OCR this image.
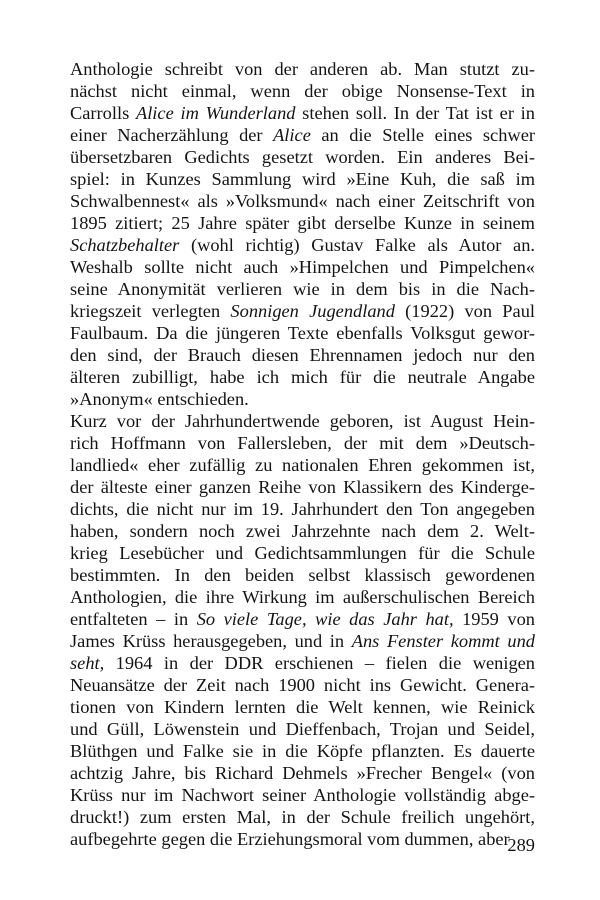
Anthologie schreibt von der anderen ab. Man stutzt zu-
nächst nicht einmal, wenn der obige Nonsense-Text in
Carrolls Alice im Wunderland stehen soll. In der Tat ist er in
einer Nacherzählung der Alice an die Stelle eines schwer
übersetzbaren Gedichts gesetzt worden. Ein anderes Bei-
spiel: in Kunzes Sammlung wird »Eine Kuh, die saß im
Schwalbennest« als »Volksmund« nach einer Zeitschrift von
1895 zitiert; 25 Jahre später gibt derselbe Kunze in seinem
Schatzbehalter (wohl richtig) Gustav Falke als Autor an.
Weshalb sollte nicht auch »Himpelchen und Pimpelchen«
seine Anonymität verlieren wie in dem bis in die Nach-
kriegszeit verlegten Sonnigen Jugendland (1922) von Paul
Faulbaum. Da die jüngeren Texte ebenfalls Volksgut gewor-
den sind, der Brauch diesen Ehrennamen jedoch nur den
älteren zubilligt, habe ich mich für die neutrale Angabe
»Anonym« entschieden.
Kurz vor der Jahrhundertwende geboren, ist August Hein-
rich Hoffmann von Fallersleben, der mit dem »Deutsch-
landlied« eher zufällig zu nationalen Ehren gekommen ist,
der älteste einer ganzen Reihe von Klassikern des Kinderge-
dichts, die nicht nur im 19. Jahrhundert den Ton angegeben
haben, sondern noch zwei Jahrzehnte nach dem 2. Welt-
krieg Lesebücher und Gedichtsammlungen für die Schule
bestimmten. In den beiden selbst klassisch gewordenen
Anthologien, die ihre Wirkung im außerschulischen Bereich
entfalteten – in So viele Tage, wie das Jahr hat, 1959 von
James Krüss herausgegeben, und in Ans Fenster kommt und
seht, 1964 in der DDR erschienen – fielen die wenigen
Neuansätze der Zeit nach 1900 nicht ins Gewicht. Genera-
tionen von Kindern lernten die Welt kennen, wie Reinick
und Güll, Löwenstein und Dieffenbach, Trojan und Seidel,
Blüthgen und Falke sie in die Köpfe pflanzten. Es dauerte
achtzig Jahre, bis Richard Dehmels »Frecher Bengel« (von
Krüss nur im Nachwort seiner Anthologie vollständig abge-
druckt!) zum ersten Mal, in der Schule freilich ungehört,
aufbegehrte gegen die Erziehungsmoral vom dummen, aber
289
